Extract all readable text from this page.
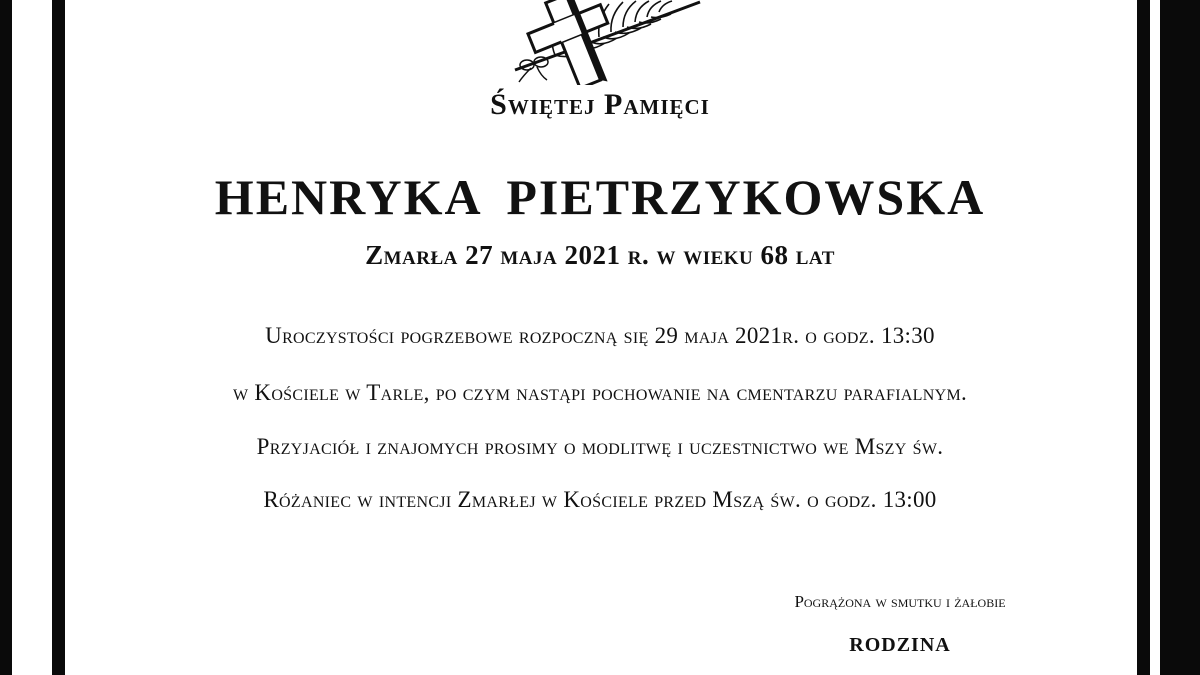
Świętej Pamięci
HENRYKA PIETRZYKOWSKA
Zmarła 27 maja 2021 r. w wieku 68 lat
Uroczystości pogrzebowe rozpoczną się 29 maja 2021r. o godz. 13:30
w Kościele w Tarle, po czym nastąpi pochowanie na cmentarzu parafialnym.
Przyjaciół i znajomych prosimy o modlitwę i uczestnictwo we Mszy św.
Różaniec w intencji Zmarłej w Kościele przed Mszą św. o godz. 13:00
Pogrążona w smutku i żałobie
RODZINA
